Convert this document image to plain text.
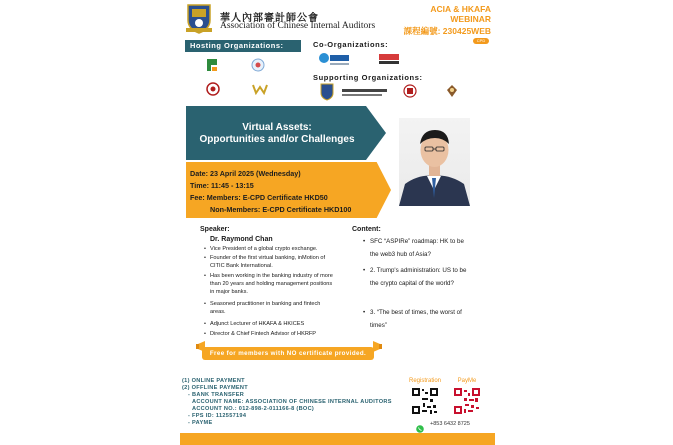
華人內部審計師公會
Association of Chinese Internal Auditors
ACIA & HKAFA
WEBINAR
課程編號: 230425WEB
CPD
Hosting Organizations:	Co-Organizations:
Supporting Organizations:
Virtual Assets:
Opportunities and/or Challenges
Date: 23 April 2025 (Wednesday)
Time: 11:45 - 13:15
Fee: Members: E-CPD Certificate HKD50
Non-Members: E-CPD Certificate HKD100
Speaker:
Dr. Raymond Chan
• Vice President of a global crypto exchange.
• Founder of the first virtual banking, inMotion of CITIC Bank International.
• Has been working in the banking industry of more than 20 years and holding management positions in major banks.
• Seasoned practitioner in banking and fintech areas.
• Adjunct Lecturer of HKAFA & HKICES
• Director & Chief Fintech Advisor of HKRFP
Content:
• SFC “ASPIRe” roadmap: HK to be the web3 hub of Asia?
• 2. Trump's administration: US to be the crypto capital of the world?
• 3. “The best of times, the worst of times”
Free for members with NO certificate provided.
(1) ONLINE PAYMENT
(2) OFFLINE PAYMENT
- BANK TRANSFER
ACCOUNT NAME: ASSOCIATION OF CHINESE INTERNAL AUDITORS
ACCOUNT NO.: 012-898-2-011166-8 (BOC)
- FPS ID: 112557194
- PAYME
Registration	PayMe
+853 6432 8725
